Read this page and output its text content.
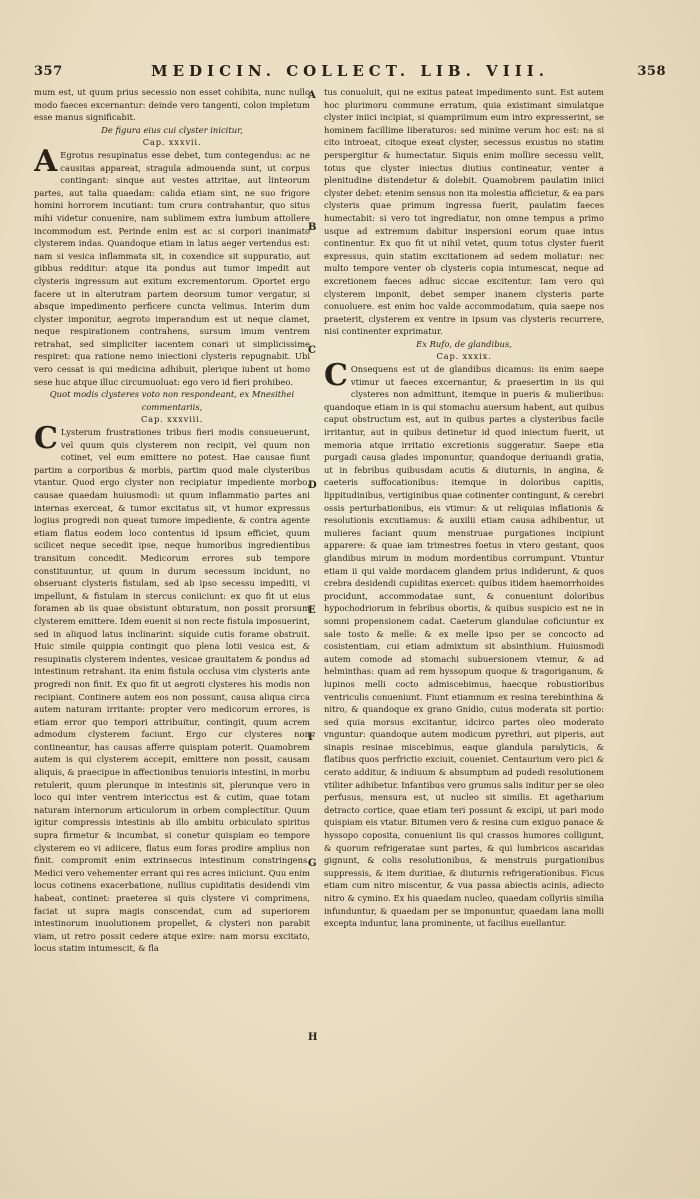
357	MEDICIN. COLLECT. LIB. VIII.	358

mum est, ut quum prius secessio non esset cohibita, nunc nullo modo faeces excernantur: deinde vero tangenti, colon impletum esse manus significabit.

De figura eius cui clyster inicitur,

Cap. xxxvii.

A Egrotus resupinatus esse debet, tum contegendus: ac ne causitas appareat, stragula admouenda sunt, ut corpus contingant: sinque aut vestes attritae, aut linteorum partes, aut talia quaedam: calida etiam sint, ne suo frigore homini horrorem incutiant: tum crura contrahantur, quo situs mihi videtur conuenire, nam sublimem extra lumbum attollere incommodum est. Perinde enim est ac si corpori inanimato clysterem indas. Quandoque etiam in latus aeger vertendus est: nam si vesica inflammata sit, in coxendice sit suppuratio, aut gibbus redditur: atque ita pondus aut tumor impedit aut clysteris ingressum aut exitum excrementorum. Oportet ergo facere ut in alterutram partem deorsum tumor vergatur, si absque impedimento perficere cuncta velimus. Interim dum clyster imponitur, aegroto imperandum est ut neque clamet, neque respirationem contrahens, sursum imum ventrem retrahat, sed simpliciter iacentem conari ut simplicissime respiret: qua ratione nemo iniectioni clysteris repugnabit. Ubi vero cessat is qui medicina adhibuit, plerique iubent ut homo sese huc atque illuc circumuoluat: ego vero id fieri prohibeo.

Quot modis clysteres voto non respondeant, ex Mnesithei commentariis,

Cap. xxxviii.

C Lysterum frustrationes tribus fieri modis consueuerunt, vel quum quis clysterem non recipit, vel quum non cotinet, vel eum emittere no potest. Hae causae fiunt partim a corporibus & morbis, partim quod male clysteribus vtantur. Quod ergo clyster non recipiatur impediente morbo, causae quaedam huiusmodi: ut quum inflammatio partes ani internas exerceat, & tumor excitatus sit, vt humor expressus logius progredi non queat tumore impediente, & contra agente etiam flatus eodem loco contentus id ipsum efficiet, quum scilicet neque secedit ipse, neque humoribus ingredientibus transitum concedit. Medicorum errores sub tempore constituuntur, ut quum in durum secessum incidunt, no obseruant clysteris fistulam, sed ab ipso secessu impediti, vi impellunt, & fistulam in stercus coniiciunt: ex quo fit ut eius foramen ab iis quae obsistunt obturatum, non possit prorsum clysterem emittere. Idem euenit si non recte fistula imposuerint, sed in aliquod latus inclinarint: siquide cutis forame obstruit. Huic simile quippia contingit quo plena lotii vesica est, & resupinatis clysterem indentes, vesicae grauitatem & pondus ad intestinum retrahant. ita enim fistula occlusa vim clysteris ante progredi non finit. Ex quo fit ut aegroti clysteres his modis non recipiant. Continere autem eos non possunt, causa aliqua circa autem naturam irritante: propter vero medicorum errores, is etiam error quo tempori attribuitur, contingit, quum acrem admodum clysterem faciunt. Ergo cur clysteres non contineantur, has causas afferre quispiam poterit. Quamobrem autem is qui clysterem accepit, emittere non possit, causam aliquis, & praecipue in affectionibus tenuioris intestini, in morbu retulerit, quum plerunque in intestinis sit, plerunque vero in loco qui inter ventrem intericctus est & cutim, quae totam naturam internorum articulorum in orbem complectitur. Quum igitur compressis intestinis ab illo ambitu orbiculato spiritus supra firmetur & incumbat, si conetur quispiam eo tempore clysterem eo vi adiicere, flatus eum foras prodire amplius non finit. compromit enim extrinsecus intestinum constringens. Medici vero vehementer errant qui res acres iniiciunt. Quu enim locus cotinens exacerbatione, nullius cupiditatis desidendi vim habeat, continet: praeterea si quis clystere vi comprimens, faciat ut supra magis conscendat, cum ad superiorem intestinorum inuolutionem propellet, & clysteri non parabit viam, ut retro possit cedere atque exire: nam morsu excitato, locus statim intumescit, & fla

A
B
C
D
E
F
G
H

tus conuoluit, qui ne exitus pateat impedimento sunt. Est autem hoc plurimoru commune erratum, quia existimant simulatque clyster iniici incipiat, si quampriimum eum intro expresserint, se hominem facillime liberaturos: sed minime verum hoc est: na si cito introeat, citoque exeat clyster, secessus exustus no statim perspergitur & humectatur. Siquis enim mollire secessu velit, totus que clyster iniectus diutius contineatur, venter a plenitudine distendetur & dolebit. Quamobrem paulatim iniici clyster debet: etenim sensus non ita molestia afficietur, & ea pars clysteris quae primum ingressa fuerit, paulatim faeces humectabit: si vero tot ingrediatur, non omne tempus a primo usque ad extremum dabitur inspersioni eorum quae intus continentur. Ex quo fit ut nihil vetet, quum totus clyster fuerit expressus, quin statim excitationem ad sedem moliatur: nec multo tempore venter ob clysteris copia intumescat, neque ad excretionem faeces adhuc siccae excitentur. Iam vero qui clysterem imponit, debet semper inanem clysteris parte conuoluere. est enim hoc valde accommodatum, quia saepe nos praeterit, clysterem ex ventre in ipsum vas clysteris recurrere, nisi continenter exprimatur.

Ex Rufo, de glandibus,

Cap. xxxix.

C Onsequens est ut de glandibus dicamus: iis enim saepe vtimur ut faeces excernantur, & praesertim in iis qui clysteres non admittunt, itemque in pueris & mulieribus: quandoque etiam in is qui stomachu auersum habent, aut quibus caput obstructum est, aut in quibus partes a clysteribus facile irritantur, aut in quibus detinetur id quod iniectum fuerit, ut memoria atque irritatio excretionis suggeratur. Saepe etia purgadi causa glades imponuntur, quandoque deriuandi gratia, ut in febribus quibusdam acutis & diuturnis, in angina, & caeteris suffocationibus: itemque in doloribus capitis, lippitudinibus, vertiginibus quae cotinenter contingunt, & cerebri ossis perturbationibus, eis vtimur: & ut reliquias inflationis & resolutionis excutiamus: & auxilii etiam causa adhibentur, ut mulieres faciant quum menstruae purgationes incipiunt apparere: & quae iam trimestres foetus in vtero gestant, quos glandibus mirum in modum mordentibus corrumpunt. Vtuntur etiam ii qui valde mordacem glandem prius indiderunt, & quos crebra desidendi cupiditas exercet: quibus itidem haemorrhoides procidunt, accommodatae sunt, & conueniunt doloribus hypochodriorum in febribus obortis, & quibus suspicio est ne in somni propensionem cadat. Caeterum glandulae coficiuntur ex sale tosto & melle: & ex melle ipso per se concocto ad cosistentiam, cui etiam admixtum sit absinthium. Huiusmodi autem comode ad stomachi subuersionem vtemur, & ad helminthas: quam ad rem hyssopum quoque & tragoriganum, & lupinos melli cocto admiscebimus, haecque robustioribus ventriculis conueniunt. Fiunt etiamnum ex resina terebinthina & nitro, & quandoque ex grano Gnidio, cuius moderata sit portio: sed quia morsus excitantur, idcirco partes oleo moderato vnguntur: quandoque autem modicum pyrethri, aut piperis, aut sinapis resinae miscebimus, eaque glandula paralyticis, & flatibus quos perfrictio exciuit, coueniet. Centaurium vero pici & cerato additur, & indiuum & absumptum ad pudedi resolutionem vtiliter adhibetur. Infantibus vero grumus salis inditur per se oleo perfusus, mensura est, ut nucleo sit similis. Et agetharium detracto cortice, quae etiam teri possunt & excipi, ut pari modo quispiam eis vtatur. Bitumen vero & resina cum exiguo panace & hyssopo coposita, conueniunt iis qui crassos humores colligunt, & quorum refrigeratae sunt partes, & qui lumbricos ascaridas gignunt, & colis resolutionibus, & menstruis purgationibus suppressis, & item duritiae, & diuturnis refrigerationibus. Ficus etiam cum nitro miscentur, & vua passa abiectis acinis, adiecto nitro & cymino. Ex his quaedam nucleo, quaedam collyriis similia infunduntur, & quaedam per se imponuntur, quaedam lana molli excepta induntur, lana prominente, ut facilius euellantur.
